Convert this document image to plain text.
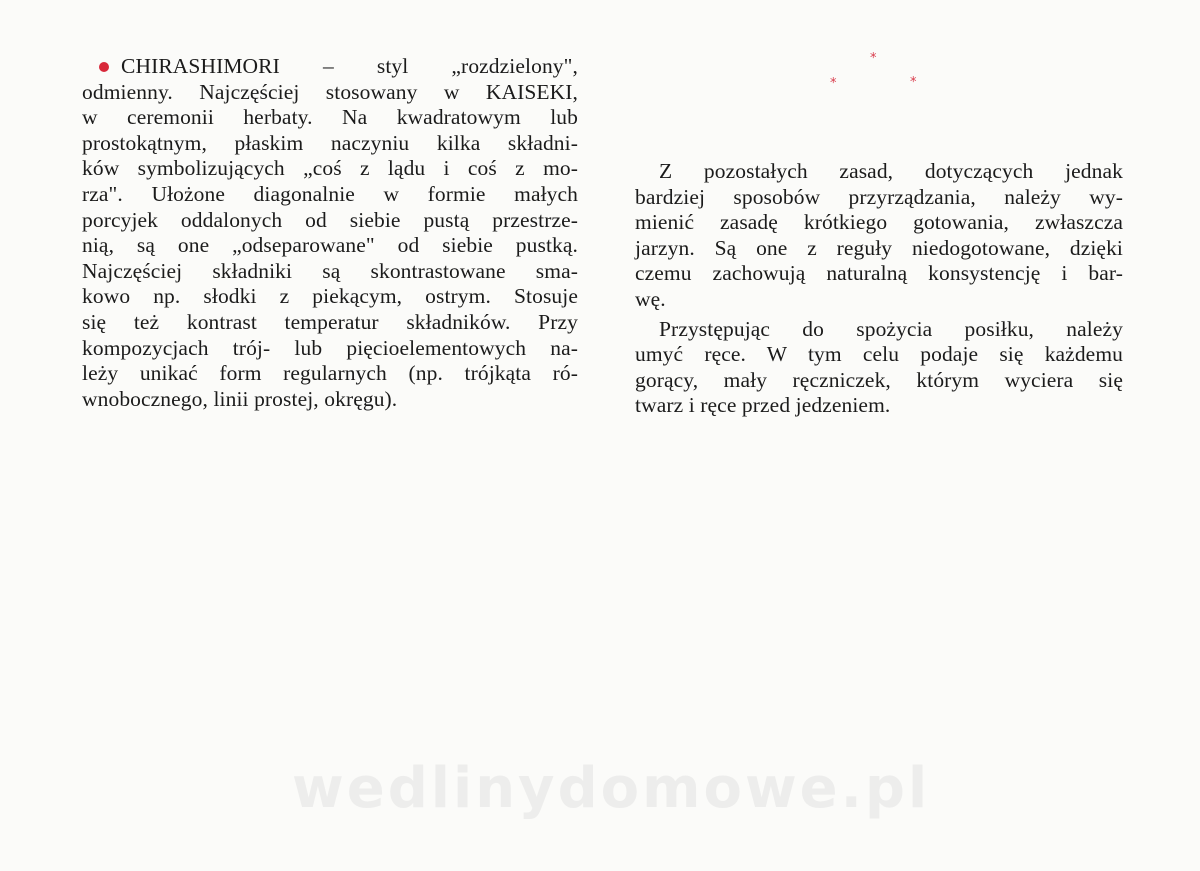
CHIRASHIMORI – styl „rozdzielony",
odmienny. Najczęściej stosowany w KAISEKI,
w ceremonii herbaty. Na kwadratowym lub
prostokątnym, płaskim naczyniu kilka składni-
ków symbolizujących „coś z lądu i coś z mo-
rza". Ułożone diagonalnie w formie małych
porcyjek oddalonych od siebie pustą przestrze-
nią, są one „odseparowane" od siebie pustką.
Najczęściej składniki są skontrastowane sma-
kowo np. słodki z piekącym, ostrym. Stosuje
się też kontrast temperatur składników. Przy
kompozycjach trój- lub pięcioelementowych na-
leży unikać form regularnych (np. trójkąta ró-
wnobocznego, linii prostej, okręgu).
*
*	*
Z pozostałych zasad, dotyczących jednak
bardziej sposobów przyrządzania, należy wy-
mienić zasadę krótkiego gotowania, zwłaszcza
jarzyn. Są one z reguły niedogotowane, dzięki
czemu zachowują naturalną konsystencję i bar-
wę.
Przystępując do spożycia posiłku, należy
umyć ręce. W tym celu podaje się każdemu
gorący, mały ręczniczek, którym wyciera się
twarz i ręce przed jedzeniem.
wedlinydomowe.pl
